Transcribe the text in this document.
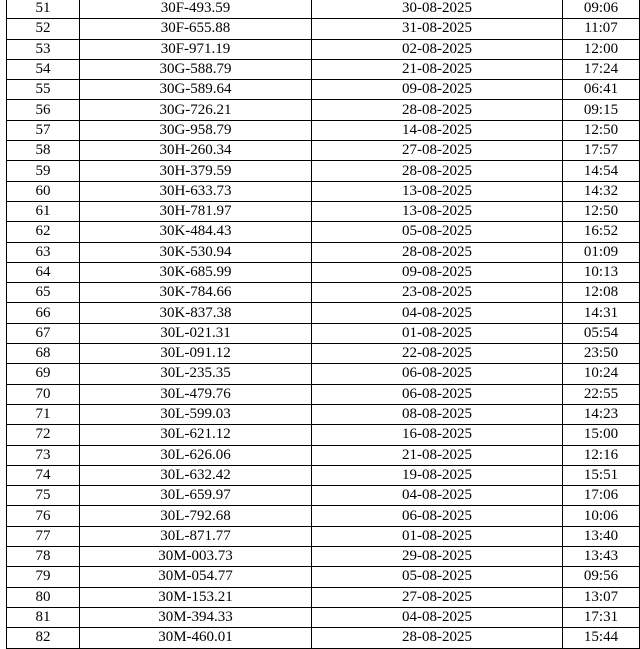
51	30F-493.59	30-08-2025	09:06
52	30F-655.88	31-08-2025	11:07
53	30F-971.19	02-08-2025	12:00
54	30G-588.79	21-08-2025	17:24
55	30G-589.64	09-08-2025	06:41
56	30G-726.21	28-08-2025	09:15
57	30G-958.79	14-08-2025	12:50
58	30H-260.34	27-08-2025	17:57
59	30H-379.59	28-08-2025	14:54
60	30H-633.73	13-08-2025	14:32
61	30H-781.97	13-08-2025	12:50
62	30K-484.43	05-08-2025	16:52
63	30K-530.94	28-08-2025	01:09
64	30K-685.99	09-08-2025	10:13
65	30K-784.66	23-08-2025	12:08
66	30K-837.38	04-08-2025	14:31
67	30L-021.31	01-08-2025	05:54
68	30L-091.12	22-08-2025	23:50
69	30L-235.35	06-08-2025	10:24
70	30L-479.76	06-08-2025	22:55
71	30L-599.03	08-08-2025	14:23
72	30L-621.12	16-08-2025	15:00
73	30L-626.06	21-08-2025	12:16
74	30L-632.42	19-08-2025	15:51
75	30L-659.97	04-08-2025	17:06
76	30L-792.68	06-08-2025	10:06
77	30L-871.77	01-08-2025	13:40
78	30M-003.73	29-08-2025	13:43
79	30M-054.77	05-08-2025	09:56
80	30M-153.21	27-08-2025	13:07
81	30M-394.33	04-08-2025	17:31
82	30M-460.01	28-08-2025	15:44
